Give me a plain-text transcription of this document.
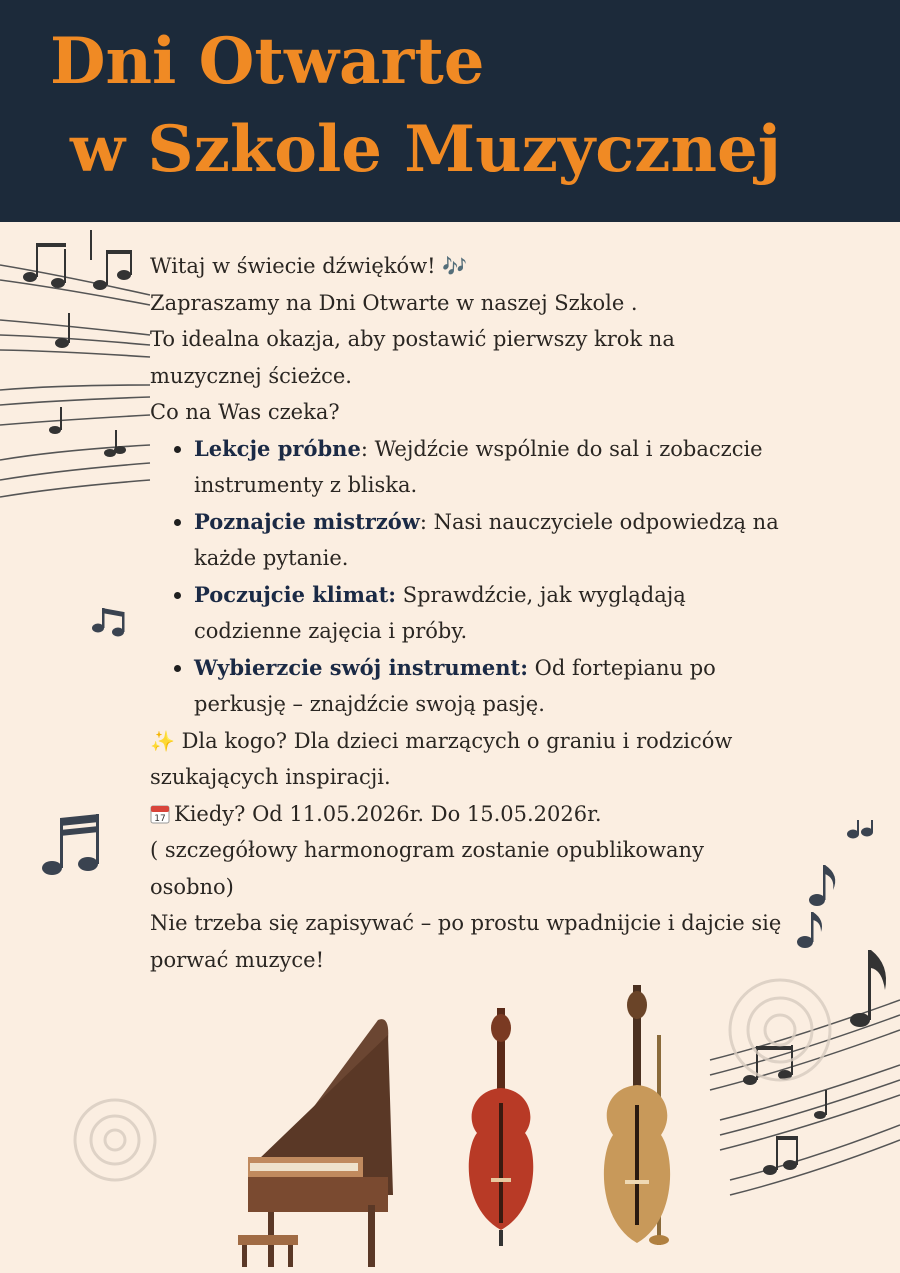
Dni Otwarte
w Szkole Muzycznej

Witaj w świecie dźwięków! 🎶

Zapraszamy na Dni Otwarte w naszej Szkole .

To idealna okazja, aby postawić pierwszy krok na muzycznej ścieżce.

Co na Was czeka?

Lekcje próbne: Wejdźcie wspólnie do sal i zobaczcie instrumenty z bliska.
Poznajcie mistrzów: Nasi nauczyciele odpowiedzą na każde pytanie.
Poczujcie klimat: Sprawdźcie, jak wyglądają codzienne zajęcia i próby.
Wybierzcie swój instrument: Od fortepianu po perkusję – znajdźcie swoją pasję.

✨ Dla kogo? Dla dzieci marzących o graniu i rodziców szukających inspiracji.

17 Kiedy? Od 11.05.2026r. Do 15.05.2026r.

( szczegółowy harmonogram zostanie opublikowany osobno)

Nie trzeba się zapisywać – po prostu wpadnijcie i dajcie się porwać muzyce!
